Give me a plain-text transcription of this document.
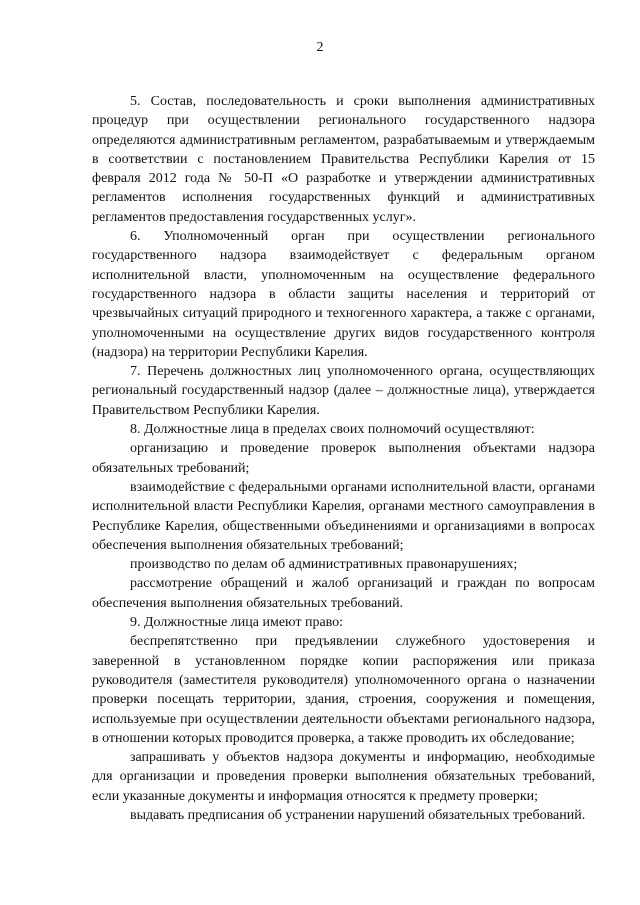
2

5. Состав, последовательность и сроки выполнения административных процедур при осуществлении регионального государственного надзора определяются административным регламентом, разрабатываемым и утверждаемым в соответствии с постановлением Правительства Республики Карелия от 15 февраля 2012 года № 50-П «О разработке и утверждении административных регламентов исполнения государственных функций и административных регламентов предоставления государственных услуг».

6. Уполномоченный орган при осуществлении регионального государственного надзора взаимодействует с федеральным органом исполнительной власти, уполномоченным на осуществление федерального государственного надзора в области защиты населения и территорий от чрезвычайных ситуаций природного и техногенного характера, а также с органами, уполномоченными на осуществление других видов государственного контроля (надзора) на территории Республики Карелия.

7. Перечень должностных лиц уполномоченного органа, осуществляющих региональный государственный надзор (далее – должностные лица), утверждается Правительством Республики Карелия.

8. Должностные лица в пределах своих полномочий осуществляют:

организацию и проведение проверок выполнения объектами надзора обязательных требований;

взаимодействие с федеральными органами исполнительной власти, органами исполнительной власти Республики Карелия, органами местного самоуправления в Республике Карелия, общественными объединениями и организациями в вопросах обеспечения выполнения обязательных требований;

производство по делам об административных правонарушениях;

рассмотрение обращений и жалоб организаций и граждан по вопросам обеспечения выполнения обязательных требований.

9. Должностные лица имеют право:

беспрепятственно при предъявлении служебного удостоверения и заверенной в установленном порядке копии распоряжения или приказа руководителя (заместителя руководителя) уполномоченного органа о назначении проверки посещать территории, здания, строения, сооружения и помещения, используемые при осуществлении деятельности объектами регионального надзора, в отношении которых проводится проверка, а также проводить их обследование;

запрашивать у объектов надзора документы и информацию, необходимые для организации и проведения проверки выполнения обязательных требований, если указанные документы и информация относятся к предмету проверки;

выдавать предписания об устранении нарушений обязательных требований.
